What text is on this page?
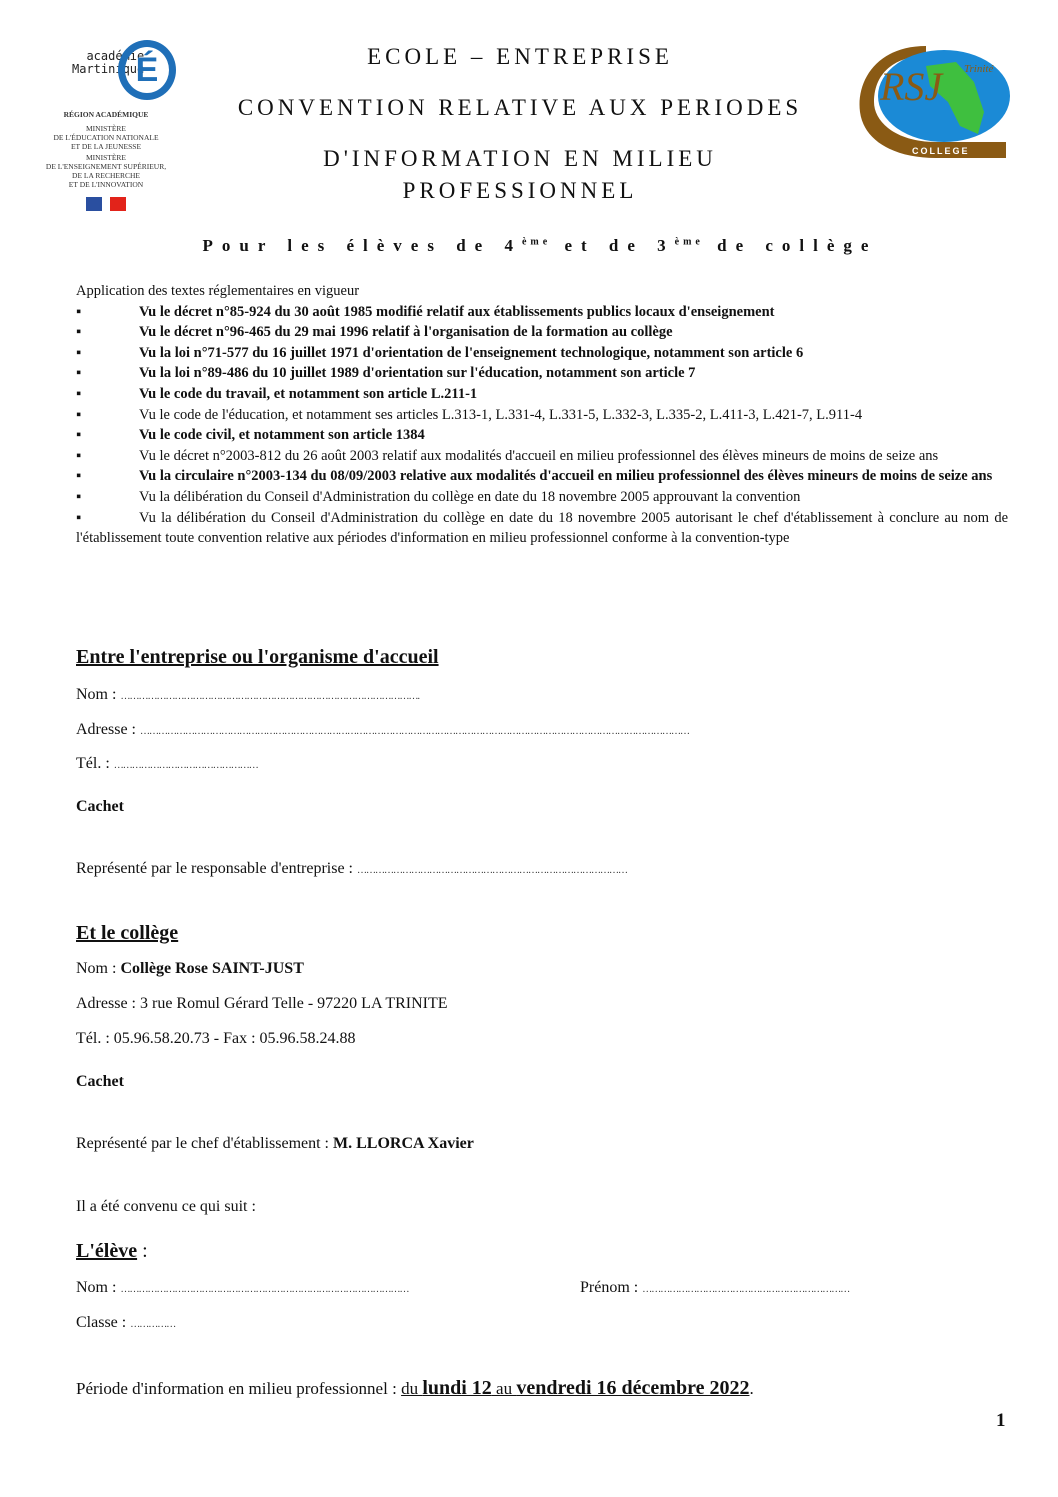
académie
Martinique
É
RÉGION ACADÉMIQUE
MINISTÈRE
DE L'ÉDUCATION NATIONALE
ET DE LA JEUNESSE
MINISTÈRE
DE L'ENSEIGNEMENT SUPÉRIEUR,
DE LA RECHERCHE
ET DE L'INNOVATION
RSJ Trinité
COLLEGE
ECOLE – ENTREPRISE
CONVENTION RELATIVE AUX PERIODES
D'INFORMATION EN MILIEU
PROFESSIONNEL
Pour les élèves de 4ème et de 3ème de collège
Application des textes réglementaires en vigueur
▪	Vu le décret n°85-924 du 30 août 1985 modifié relatif aux établissements publics locaux d'enseignement
▪	Vu le décret n°96-465 du 29 mai 1996 relatif à l'organisation de la formation au collège
▪	Vu la loi n°71-577 du 16 juillet 1971 d'orientation de l'enseignement technologique, notamment son article 6
▪	Vu la loi n°89-486 du 10 juillet 1989 d'orientation sur l'éducation, notamment son article 7
▪	Vu le code du travail, et notamment son article L.211-1
▪	Vu le code de l'éducation, et notamment ses articles L.313-1, L.331-4, L.331-5, L.332-3, L.335-2, L.411-3, L.421-7, L.911-4
▪	Vu le code civil, et notamment son article 1384
▪	Vu le décret n°2003-812 du 26 août 2003 relatif aux modalités d'accueil en milieu professionnel des élèves mineurs de moins de seize ans
▪	Vu la circulaire n°2003-134 du 08/09/2003 relative aux modalités d'accueil en milieu professionnel des élèves mineurs de moins de seize ans
▪	Vu la délibération du Conseil d'Administration du collège en date du 18 novembre 2005 approuvant la convention
▪	Vu la délibération du Conseil d'Administration du collège en date du 18 novembre 2005 autorisant le chef d'établissement à conclure au nom de l'établissement toute convention relative aux périodes d'information en milieu professionnel conforme à la convention-type
Entre l'entreprise ou l'organisme d'accueil
Nom : ……………………………………………………………………………………….
Adresse : …………………………………………………………………………………………………………………………………………………………………
Tél. : …………………………………………
Cachet
Représenté par le responsable d'entreprise : ………………………………………………………………………………
Et le collège
Nom : Collège Rose SAINT-JUST
Adresse : 3 rue Romul Gérard Telle - 97220 LA TRINITE
Tél. : 05.96.58.20.73 - Fax : 05.96.58.24.88
Cachet
Représenté par le chef d'établissement : M. LLORCA Xavier
Il a été convenu ce qui suit :
L'élève :
Nom : ……………………………………………………………………………………	Prénom : ……………………………………………………………
Classe : ……………
Période d'information en milieu professionnel : du lundi 12 au vendredi 16 décembre 2022.
1
